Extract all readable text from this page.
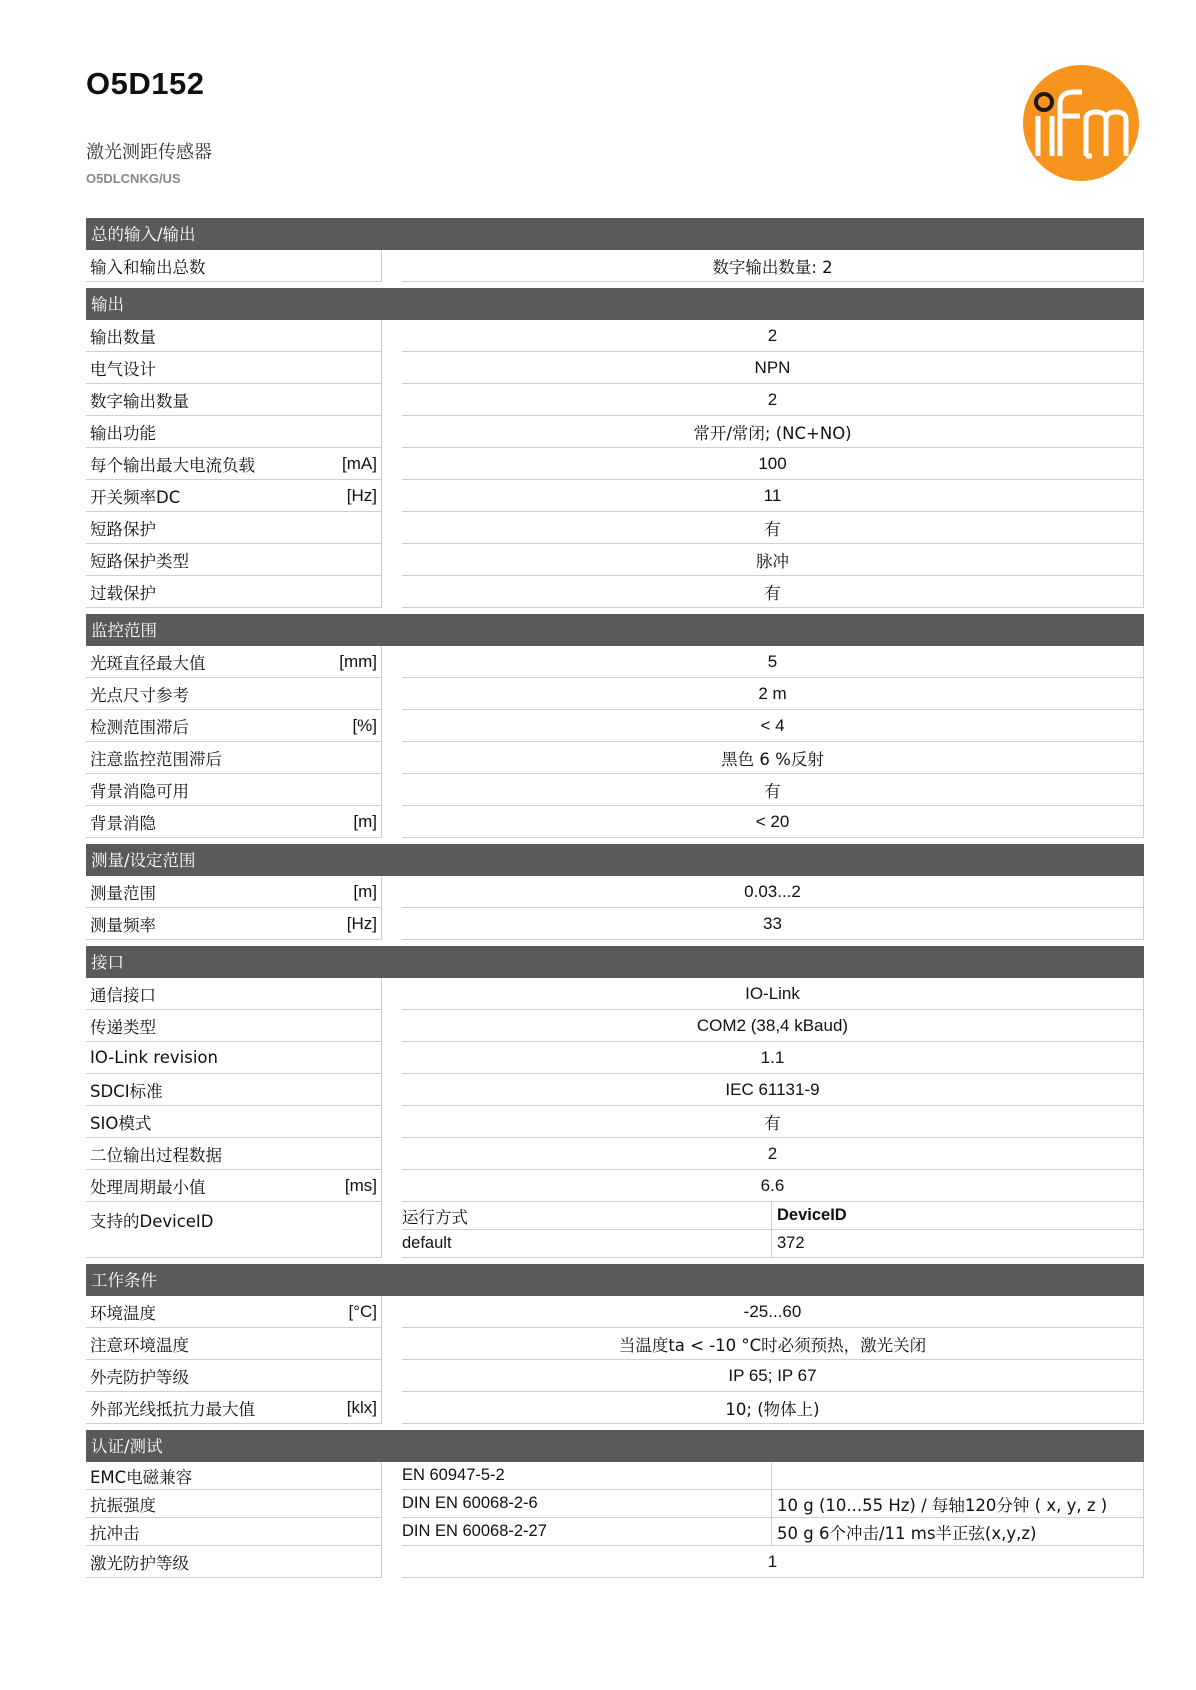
O5D152
激光测距传感器
O5DLCNKG/US
总的输入/输出
输入和输出总数	数字输出数量: 2
输出
输出数量	2
电气设计	NPN
数字输出数量	2
输出功能	常开/常闭; (NC+NO)
每个输出最大电流负载	[mA]	100
开关频率DC	[Hz]	11
短路保护	有
短路保护类型	脉冲
过载保护	有
监控范围
光斑直径最大值	[mm]	5
光点尺寸参考	2 m
检测范围滞后	[%]	< 4
注意监控范围滞后	黑色 6 %反射
背景消隐可用	有
背景消隐	[m]	< 20
测量/设定范围
测量范围	[m]	0.03...2
测量频率	[Hz]	33
接口
通信接口	IO-Link
传递类型	COM2 (38,4 kBaud)
IO-Link revision	1.1
SDCI标准	IEC 61131-9
SIO模式	有
二位输出过程数据	2
处理周期最小值	[ms]	6.6
支持的DeviceID	运行方式	DeviceID
default	372
工作条件
环境温度	[°C]	-25...60
注意环境温度	当温度ta < -10 °C时必须预热，激光关闭
外壳防护等级	IP 65; IP 67
外部光线抵抗力最大值	[klx]	10; (物体上)
认证/测试
EMC电磁兼容	EN 60947-5-2
抗振强度	DIN EN 60068-2-6	10 g (10...55 Hz) / 每轴120分钟 ( x, y, z )
抗冲击	DIN EN 60068-2-27	50 g 6个冲击/11 ms半正弦(x,y,z)
激光防护等级	1
